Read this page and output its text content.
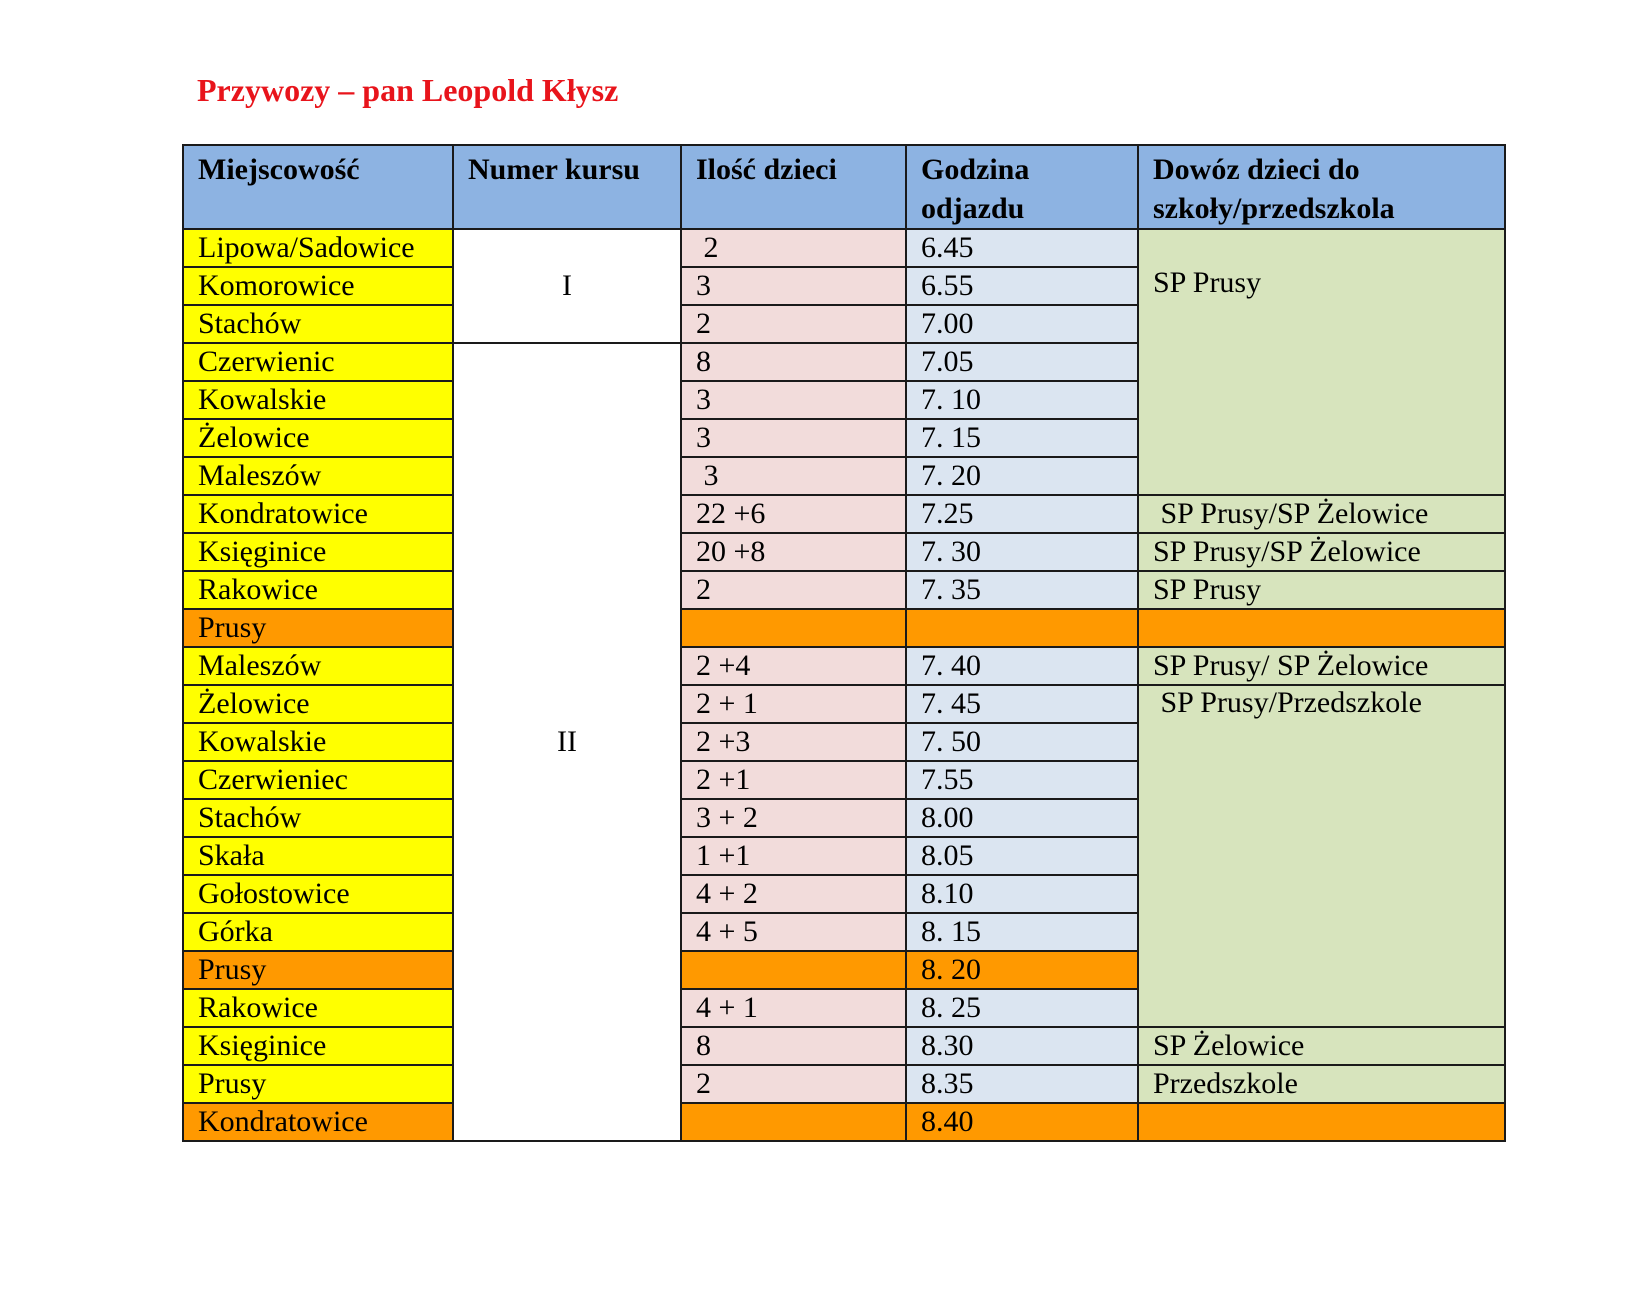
Przywozy – pan Leopold Kłysz
Miejscowość	Numer kursu	Ilość dzieci	Godzina
odjazdu	Dowóz dzieci do
szkoły/przedszkola
Lipowa/Sadowice	I	2	6.45	SP Prusy
Komorowice		3	6.55	
Stachów		2	7.00	
Czerwienic	II	8	7.05	
Kowalskie		3	7. 10	
Żelowice		3	7. 15	
Maleszów		3	7. 20	
Kondratowice		22 +6	7.25	SP Prusy/SP Żelowice
Księginice		20 +8	7. 30	SP Prusy/SP Żelowice
Rakowice		2	7. 35	SP Prusy
Prusy				
Maleszów		2 +4	7. 40	SP Prusy/ SP Żelowice
Żelowice		2 + 1	7. 45	SP Prusy/Przedszkole
Kowalskie		2 +3	7. 50	
Czerwieniec		2 +1	7.55	
Stachów		3 + 2	8.00	
Skała		1 +1	8.05	
Gołostowice		4 + 2	8.10	
Górka		4 + 5	8. 15	
Prusy			8. 20	
Rakowice		4 + 1	8. 25	
Księginice		8	8.30	SP Żelowice
Prusy		2	8.35	Przedszkole
Kondratowice			8.40	
